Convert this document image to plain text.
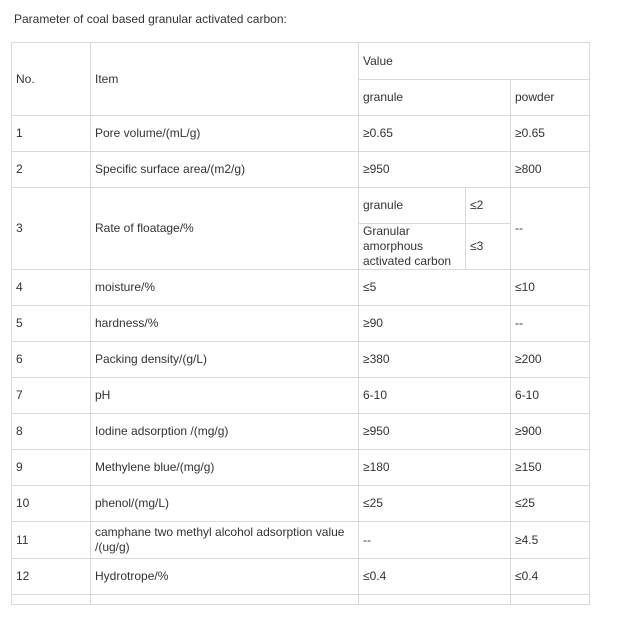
Parameter of coal based granular activated carbon:
No.	Item	Value		
		granule		powder
1	Pore volume/(mL/g)	≥0.65		≥0.65
2	Specific surface area/(m2/g)	≥950		≥800
3	Rate of floatage/%	granule	≤2	--
		Granular amorphous activated carbon	≤3	
4	moisture/%	≤5		≤10
5	hardness/%	≥90		--
6	Packing density/(g/L)	≥380		≥200
7	pH	6-10		6-10
8	Iodine adsorption /(mg/g)	≥950		≥900
9	Methylene blue/(mg/g)	≥180		≥150
10	phenol/(mg/L)	≤25		≤25
11	camphane two methyl alcohol adsorption value /(ug/g)	--		≥4.5
12	Hydrotrope/%	≤0.4		≤0.4
